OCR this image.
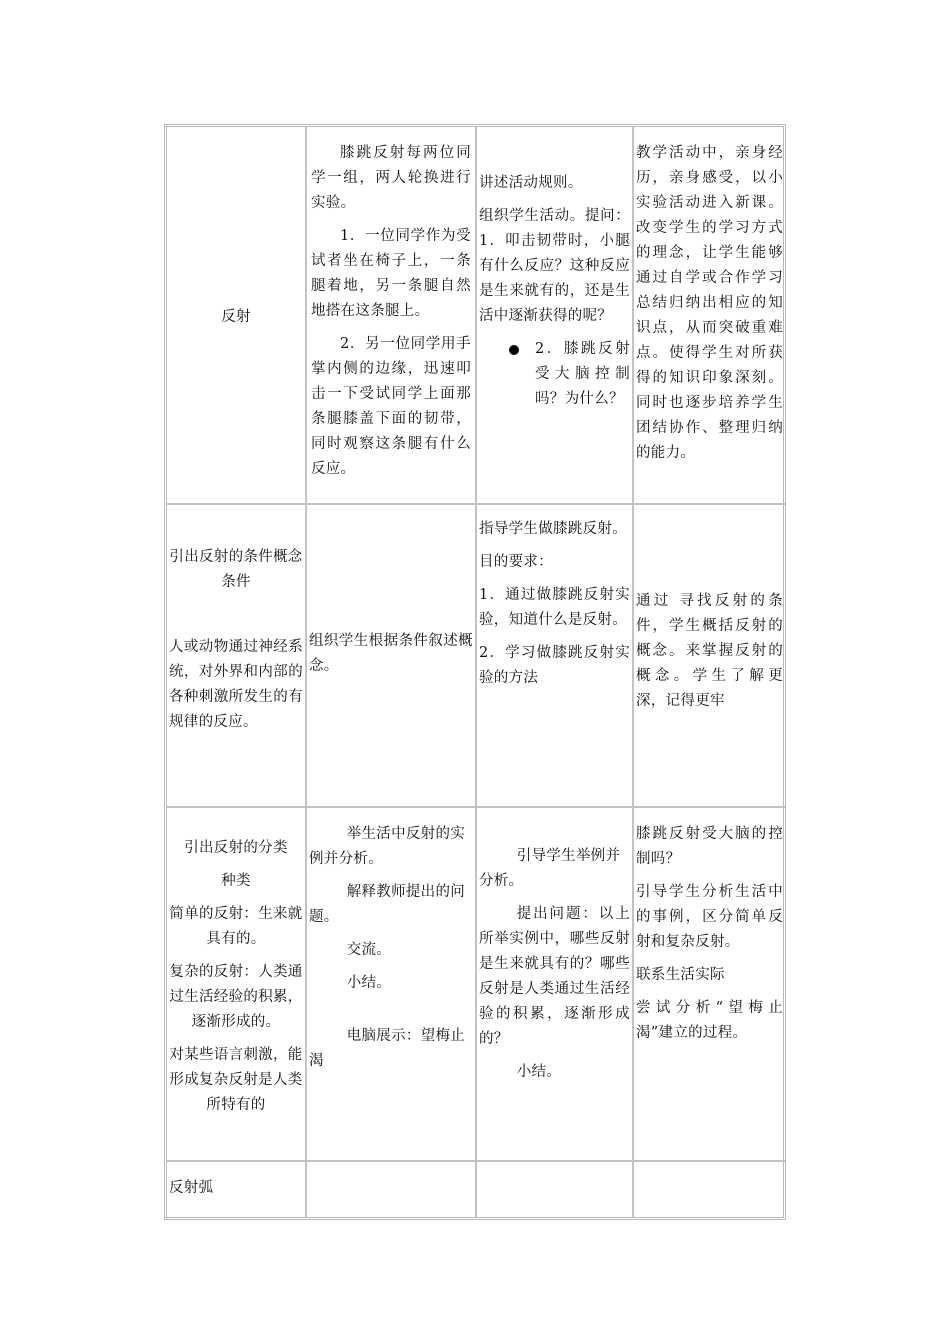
反射

膝跳反射每两位同学一组，两人轮换进行实验。

1．一位同学作为受试者坐在椅子上，一条腿着地，另一条腿自然地搭在这条腿上。

2．另一位同学用手掌内侧的边缘，迅速叩击一下受试同学上面那条腿膝盖下面的韧带，同时观察这条腿有什么反应。

讲述活动规则。

组织学生活动。提问：1．叩击韧带时，小腿有什么反应？这种反应是生来就有的，还是生活中逐渐获得的呢？

2．膝跳反射受大脑控制吗？为什么？

教学活动中，亲身经历，亲身感受，以小实验活动进入新课。改变学生的学习方式的理念，让学生能够通过自学或合作学习总结归纳出相应的知识点，从而突破重难点。使得学生对所获得的知识印象深刻。同时也逐步培养学生团结协作、整理归纳的能力。

引出反射的条件概念条件

人或动物通过神经系统，对外界和内部的各种刺激所发生的有规律的反应。

组织学生根据条件叙述概念。

指导学生做膝跳反射。

目的要求：

1．通过做膝跳反射实验，知道什么是反射。

2．学习做膝跳反射实验的方法

通过 寻找反射的条件，学生概括反射的概念。来掌握反射的概念。学生了解更深，记得更牢

引出反射的分类

种类

简单的反射：生来就具有的。

复杂的反射：人类通过生活经验的积累，逐渐形成的。

对某些语言刺激，能形成复杂反射是人类所特有的

举生活中反射的实例并分析。

解释教师提出的问题。

交流。

小结。

电脑展示：望梅止渴

引导学生举例并分析。

提出问题：以上所举实例中，哪些反射是生来就具有的？哪些反射是人类通过生活经验的积累，逐渐形成的？

小结。

膝跳反射受大脑的控制吗？

引导学生分析生活中的事例，区分简单反射和复杂反射。

联系生活实际

尝试分析“望梅止渴”建立的过程。

反射弧
